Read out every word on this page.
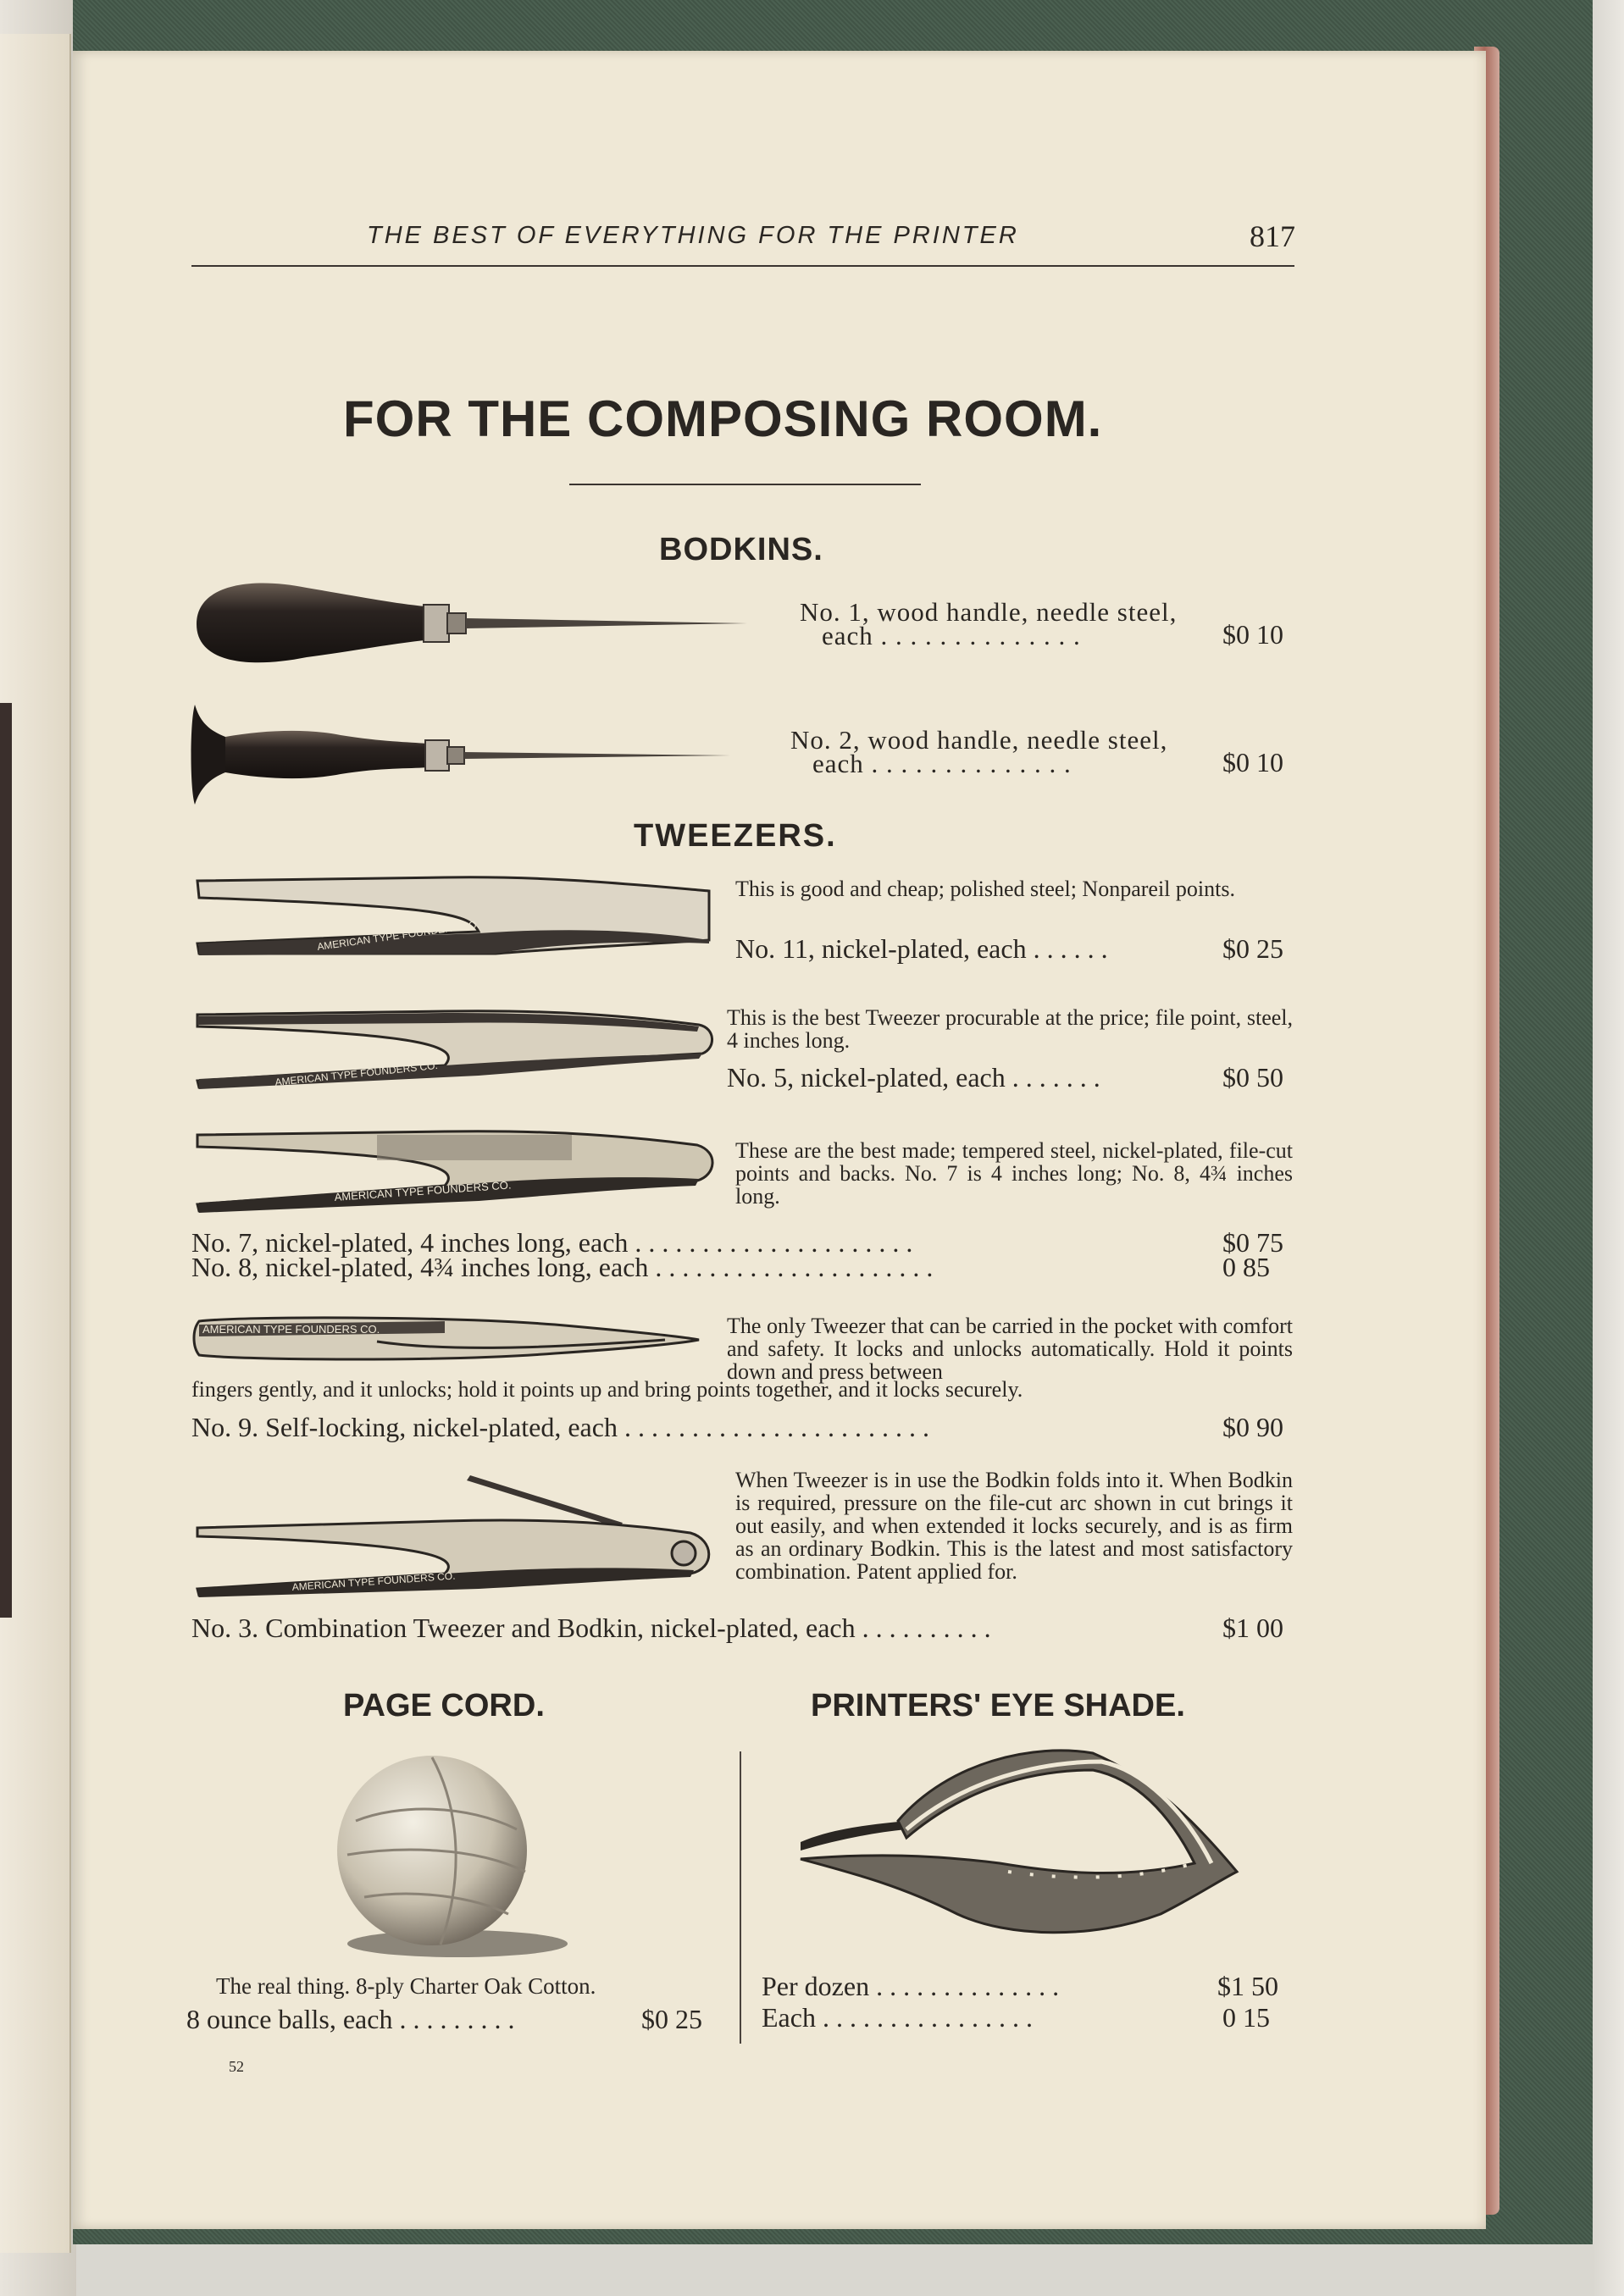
THE BEST OF EVERYTHING FOR THE PRINTER	817
FOR THE COMPOSING ROOM.
BODKINS.
No. 1, wood handle, needle steel,
each . . . . . . . . . . . . . .	$0 10
No. 2, wood handle, needle steel,
each . . . . . . . . . . . . . .	$0 10
TWEEZERS.
AMERICAN TYPE FOUNDERS CO.
This is good and cheap; polished steel; Nonpareil points.
No. 11, nickel-plated, each . . . . . .	$0 25
AMERICAN TYPE FOUNDERS CO.
This is the best Tweezer procurable at the price; file point, steel, 4 inches long.
No. 5, nickel-plated, each . . . . . . .	$0 50
AMERICAN TYPE FOUNDERS CO.
These are the best made; tempered steel, nickel-plated, file-cut points and backs. No. 7 is 4 inches long; No. 8, 4¾ inches long.
No. 7, nickel-plated, 4 inches long, each . . . . . . . . . . . . . . . . . . . . .	$0 75
No. 8, nickel-plated, 4¾ inches long, each . . . . . . . . . . . . . . . . . . . . .	0 85
AMERICAN TYPE FOUNDERS CO.	The only Tweezer that can be carried in the pocket with comfort and safety. It locks and unlocks automatically. Hold it points down and press between
fingers gently, and it unlocks; hold it points up and bring points together, and it locks securely.
No. 9. Self-locking, nickel-plated, each . . . . . . . . . . . . . . . . . . . . . . .	$0 90
AMERICAN TYPE FOUNDERS CO.
When Tweezer is in use the Bodkin folds into it. When Bodkin is required, pressure on the file-cut arc shown in cut brings it out easily, and when extended it locks securely, and is as firm as an ordinary Bodkin. This is the latest and most satisfactory combination. Patent applied for.
No. 3. Combination Tweezer and Bodkin, nickel-plated, each . . . . . . . . . .	$1 00
PAGE CORD.	PRINTERS' EYE SHADE.
The real thing. 8-ply Charter Oak Cotton.
8 ounce balls, each . . . . . . . . .	$0 25
Per dozen . . . . . . . . . . . . . .	$1 50
Each . . . . . . . . . . . . . . . .	0 15
52
